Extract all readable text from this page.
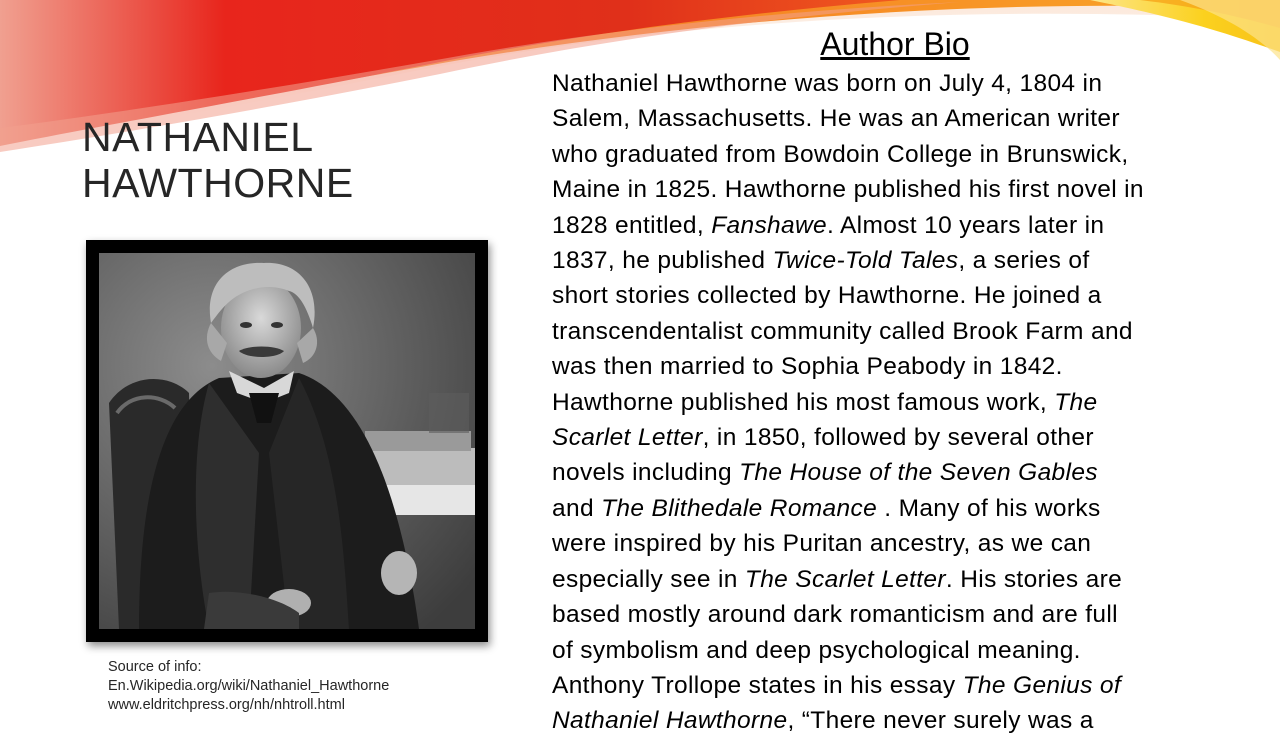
NATHANIEL
HAWTHORNE
Source of info:
En.Wikipedia.org/wiki/Nathaniel_Hawthorne
www.eldritchpress.org/nh/nhtroll.html
Author Bio

Nathaniel Hawthorne was born on July 4, 1804 in
Salem, Massachusetts. He was an American writer
who graduated from Bowdoin College in Brunswick,
Maine in 1825. Hawthorne published his first novel in
1828 entitled, Fanshawe. Almost 10 years later in
1837, he published Twice-Told Tales, a series of
short stories collected by Hawthorne. He joined a
transcendentalist community called Brook Farm and
was then married to Sophia Peabody in 1842.
Hawthorne published his most famous work, The
Scarlet Letter, in 1850, followed by several other
novels including The House of the Seven Gables
and The Blithedale Romance . Many of his works
were inspired by his Puritan ancestry, as we can
especially see in The Scarlet Letter. His stories are
based mostly around dark romanticism and are full
of symbolism and deep psychological meaning.
Anthony Trollope states in his essay The Genius of
Nathaniel Hawthorne, “There never surely was a
